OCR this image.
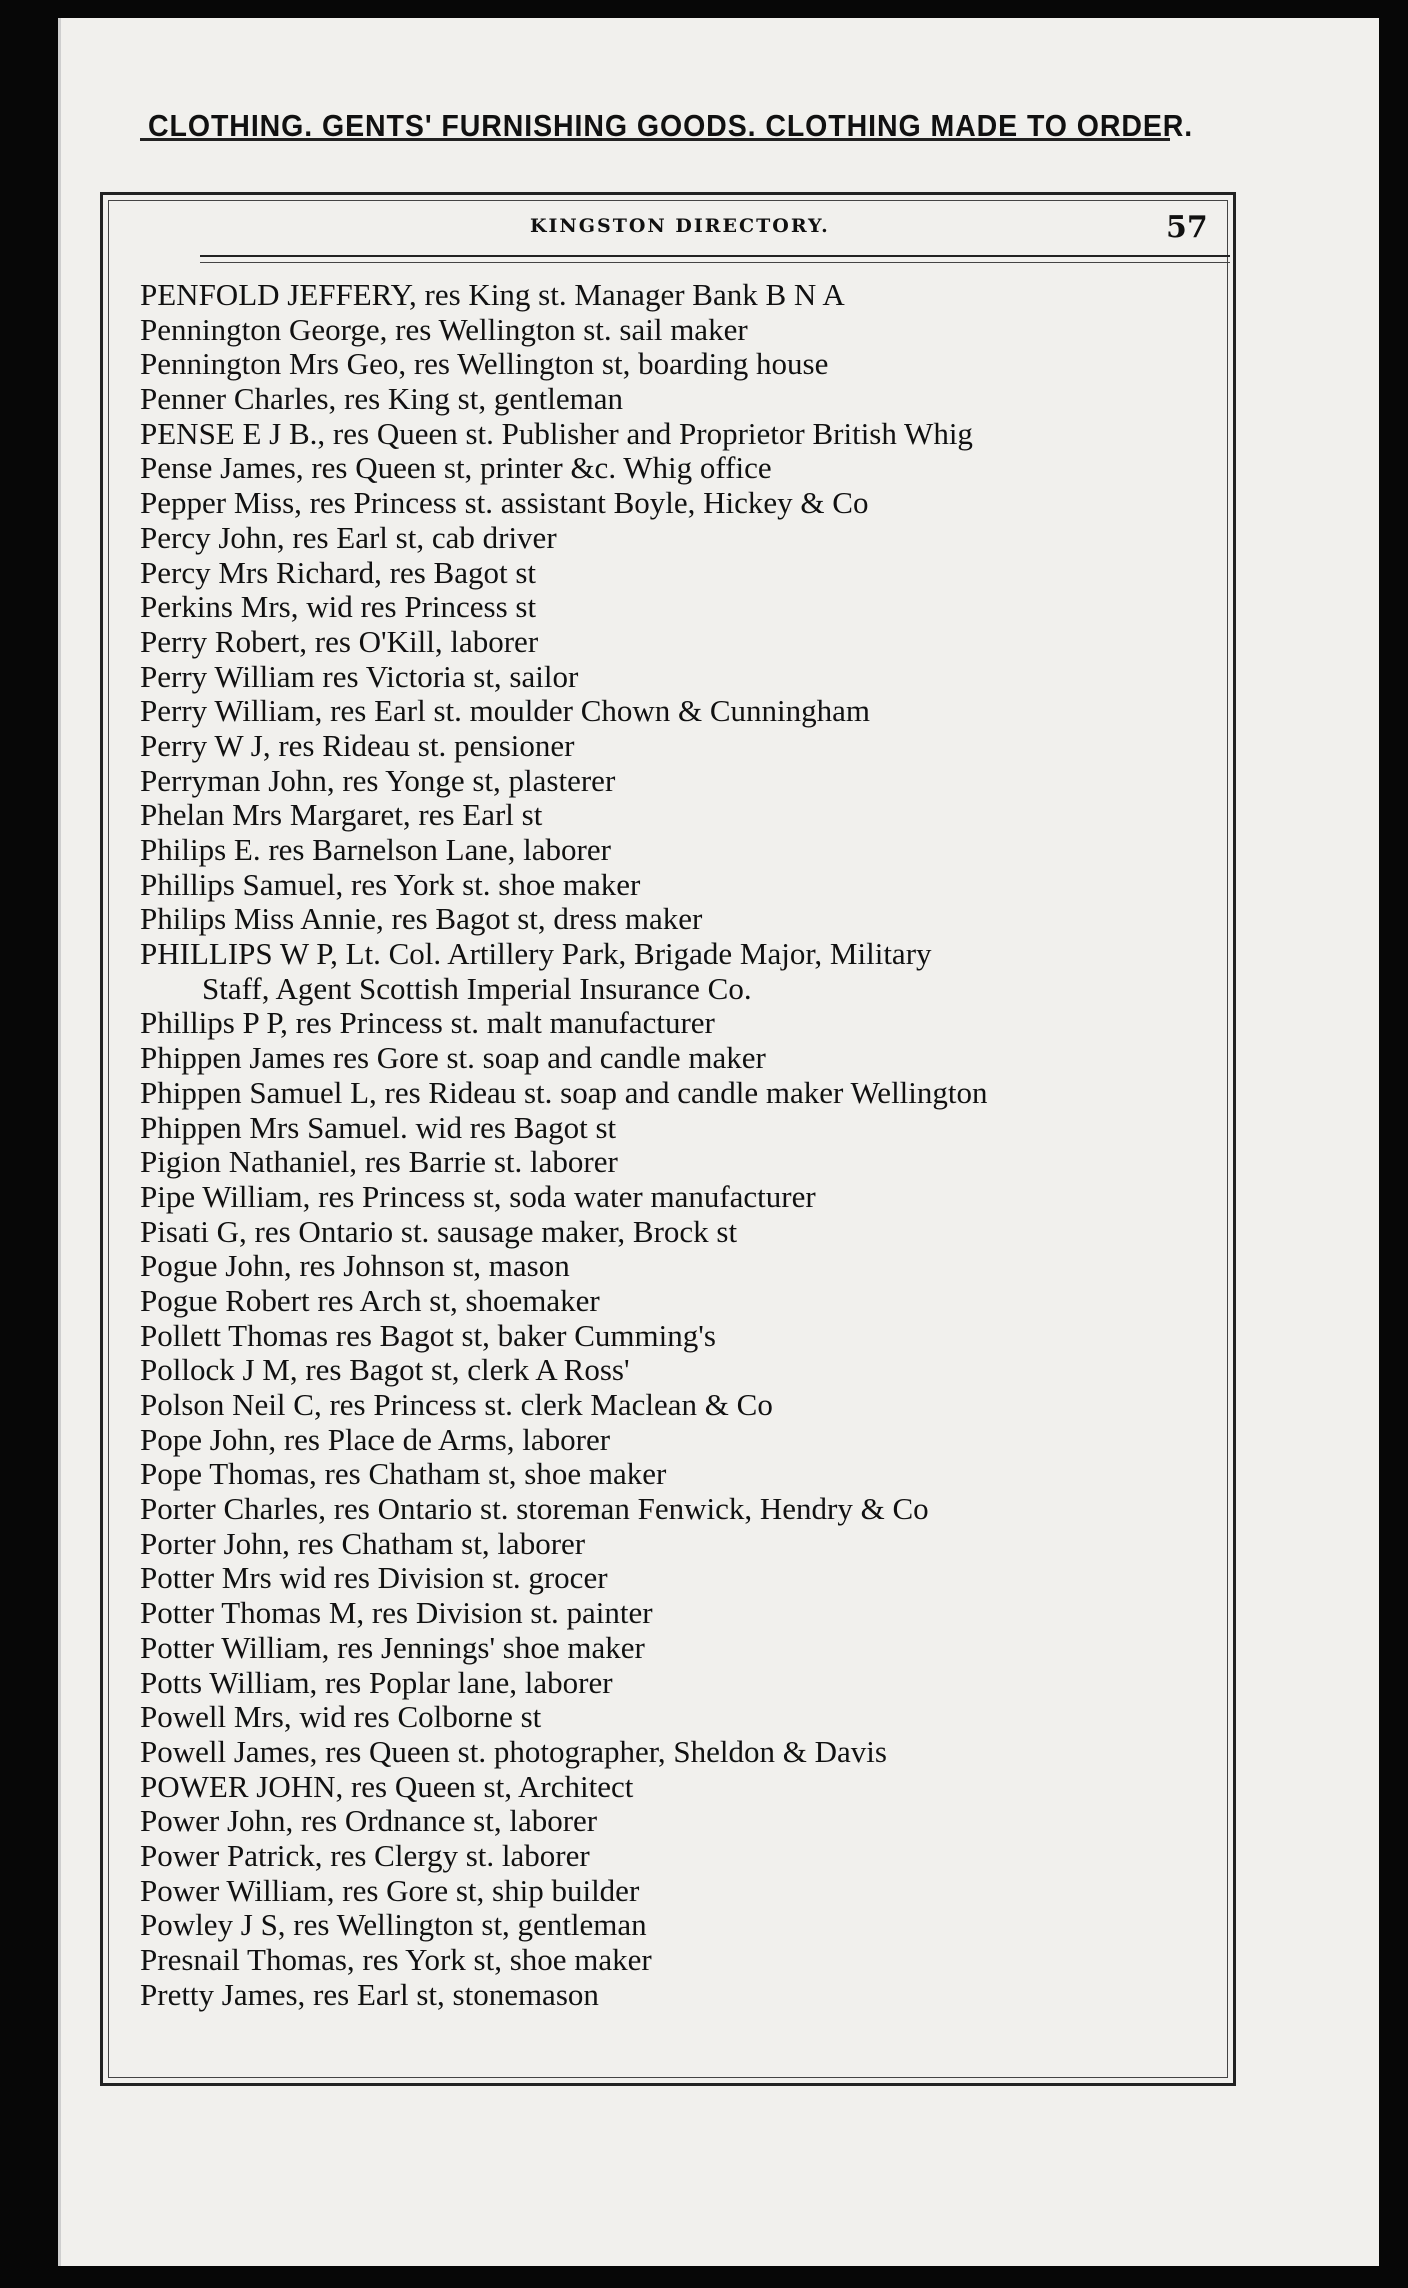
CLOTHING. GENTS' FURNISHING GOODS. CLOTHING MADE TO ORDER.
KINGSTON DIRECTORY.	57
PENFOLD JEFFERY, res King st. Manager Bank B N A
Pennington George, res Wellington st. sail maker
Pennington Mrs Geo, res Wellington st, boarding house
Penner Charles, res King st, gentleman
PENSE E J B., res Queen st. Publisher and Proprietor British Whig
Pense James, res Queen st, printer &c. Whig office
Pepper Miss, res Princess st. assistant Boyle, Hickey & Co
Percy John, res Earl st, cab driver
Percy Mrs Richard, res Bagot st
Perkins Mrs, wid res Princess st
Perry Robert, res O'Kill, laborer
Perry William res Victoria st, sailor
Perry William, res Earl st. moulder Chown & Cunningham
Perry W J, res Rideau st. pensioner
Perryman John, res Yonge st, plasterer
Phelan Mrs Margaret, res Earl st
Philips E. res Barnelson Lane, laborer
Phillips Samuel, res York st. shoe maker
Philips Miss Annie, res Bagot st, dress maker
PHILLIPS W P, Lt. Col. Artillery Park, Brigade Major, Military
Staff, Agent Scottish Imperial Insurance Co.
Phillips P P, res Princess st. malt manufacturer
Phippen James res Gore st. soap and candle maker
Phippen Samuel L, res Rideau st. soap and candle maker Wellington
Phippen Mrs Samuel. wid res Bagot st
Pigion Nathaniel, res Barrie st. laborer
Pipe William, res Princess st, soda water manufacturer
Pisati G, res Ontario st. sausage maker, Brock st
Pogue John, res Johnson st, mason
Pogue Robert res Arch st, shoemaker
Pollett Thomas res Bagot st, baker Cumming's
Pollock J M, res Bagot st, clerk A Ross'
Polson Neil C, res Princess st. clerk Maclean & Co
Pope John, res Place de Arms, laborer
Pope Thomas, res Chatham st, shoe maker
Porter Charles, res Ontario st. storeman Fenwick, Hendry & Co
Porter John, res Chatham st, laborer
Potter Mrs wid res Division st. grocer
Potter Thomas M, res Division st. painter
Potter William, res Jennings' shoe maker
Potts William, res Poplar lane, laborer
Powell Mrs, wid res Colborne st
Powell James, res Queen st. photographer, Sheldon & Davis
POWER JOHN, res Queen st, Architect
Power John, res Ordnance st, laborer
Power Patrick, res Clergy st. laborer
Power William, res Gore st, ship builder
Powley J S, res Wellington st, gentleman
Presnail Thomas, res York st, shoe maker
Pretty James, res Earl st, stonemason
